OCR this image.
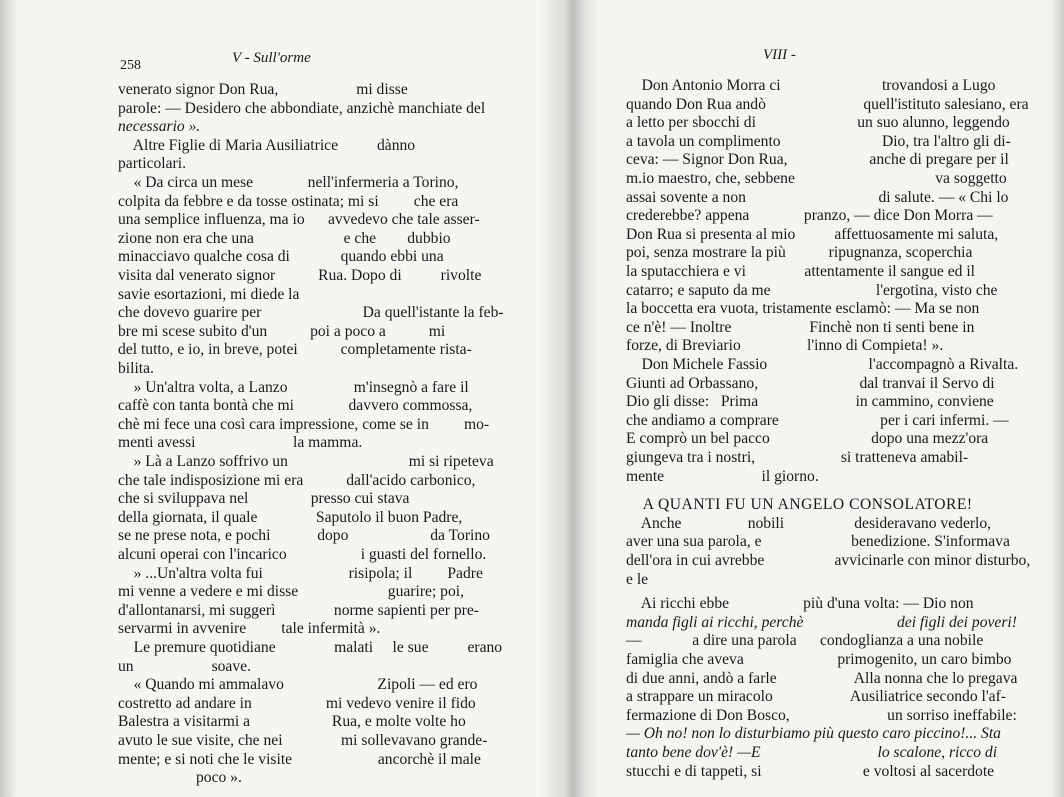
258	V - Sull'orme
venerato signor Don Rua,                    mi disse
parole: — Desidero che abbondiate, anzichè manchiate del
necessario ».
Altre Figlie di Maria Ausiliatrice          dànno
particolari.
« Da circa un mese              nell'infermeria a Torino,
colpita da febbre e da tosse ostinata; mi si         che era
una semplice influenza, ma io      avvedevo che tale asser-
zione non era che una                       e che        dubbio
minacciavo qualche cosa di             quando ebbi una
visita dal venerato signor           Rua. Dopo di          rivolte
savie esortazioni, mi diede la
che dovevo guarire per                          Da quell'istante la feb-
bre mi scese subito d'un           poi a poco a           mi
del tutto, e io, in breve, potei           completamente rista-
bilita.
» Un'altra volta, a Lanzo                 m'insegnò a fare il
caffè con tanta bontà che mi              davvero commossa,
chè mi fece una così cara impressione, come se in         mo-
menti avessi                         la mamma.
» Là a Lanzo soffrivo un                               mi si ripeteva
che tale indisposizione mi era           dall'acido carbonico,
che si sviluppava nel                presso cui stava
della giornata, il quale               Saputolo il buon Padre,
se ne prese nota, e pochi            dopo                     da Torino
alcuni operai con l'incarico                   i guasti del fornello.
» ...Un'altra volta fui                      risipola; il         Padre
mi venne a vedere e mi disse                       guarire; poi,
d'allontanarsi, mi suggerì               norme sapienti per pre-
servarmi in avvenire         tale infermità ».
Le premure quotidiane               malati     le sue          erano
un                    soave.
« Quando mi ammalavo                        Zipoli — ed ero
costretto ad andare in                   mi vedevo venire il fido
Balestra a visitarmi a                     Rua, e molte volte ho
avuto le sue visite, che nei               mi sollevavano grande-
mente; e si noti che le visite                      ancorchè il male
poco ».
VIII -
Don Antonio Morra ci                          trovandosi a Lugo
quando Don Rua andò                         quell'istituto salesiano, era
a letto per sbocchi di                          un suo alunno, leggendo
a tavola un complimento                          Dio, tra l'altro gli di-
ceva: — Signor Don Rua,                     anche di pregare per il
m.io maestro, che, sebbene                                    va soggetto
assai sovente a non                                  di salute. — « Chi lo
crederebbe? appena              pranzo, — dice Don Morra —
Don Rua si presenta al mio          affettuosamente mi saluta,
poi, senza mostrare la più           ripugnanza, scoperchia
la sputacchiera e vi               attentamente il sangue ed il
catarro; e saputo da me                           l'ergotina, visto che
la boccetta era vuota, tristamente esclamò: — Ma se non
ce n'è! — Inoltre                    Finchè non ti senti bene in
forze, di Breviario                 l'inno di Compieta! ».
Don Michele Fassio                          l'accompagnò a Rivalta.
Giunti ad Orbassano,                          dal tranvai il Servo di
Dio gli disse:   Prima                         in cammino, conviene
che andiamo a comprare                          per i cari infermi. —
E comprò un bel pacco                          dopo una mezz'ora
giungeva tra i nostri,                      si tratteneva amabil-
mente                         il giorno.
A QUANTI FU UN ANGELO CONSOLATORE!
Anche                 nobili                  desideravano vederlo,
aver una sua parola, e                       benedizione. S'informava
dell'ora in cui avrebbe                  avvicinarle con minor disturbo,
e le
Ai ricchi ebbe                   più d'una volta: — Dio non
manda figli ai ricchi, perchè                        dei figli dei poveri!
—             a dire una parola      condoglianza a una nobile
famiglia che aveva                        primogenito, un caro bimbo
di due anni, andò a farle                    Alla nonna che lo pregava
a strappare un miracolo                    Ausiliatrice secondo l'af-
fermazione di Don Bosco,                         un sorriso ineffabile:
— Oh no! non lo disturbiamo più questo caro piccino!... Sta
tanto bene dov'è! —E                              lo scalone, ricco di
stucchi e di tappeti, si                          e voltosi al sacerdote
